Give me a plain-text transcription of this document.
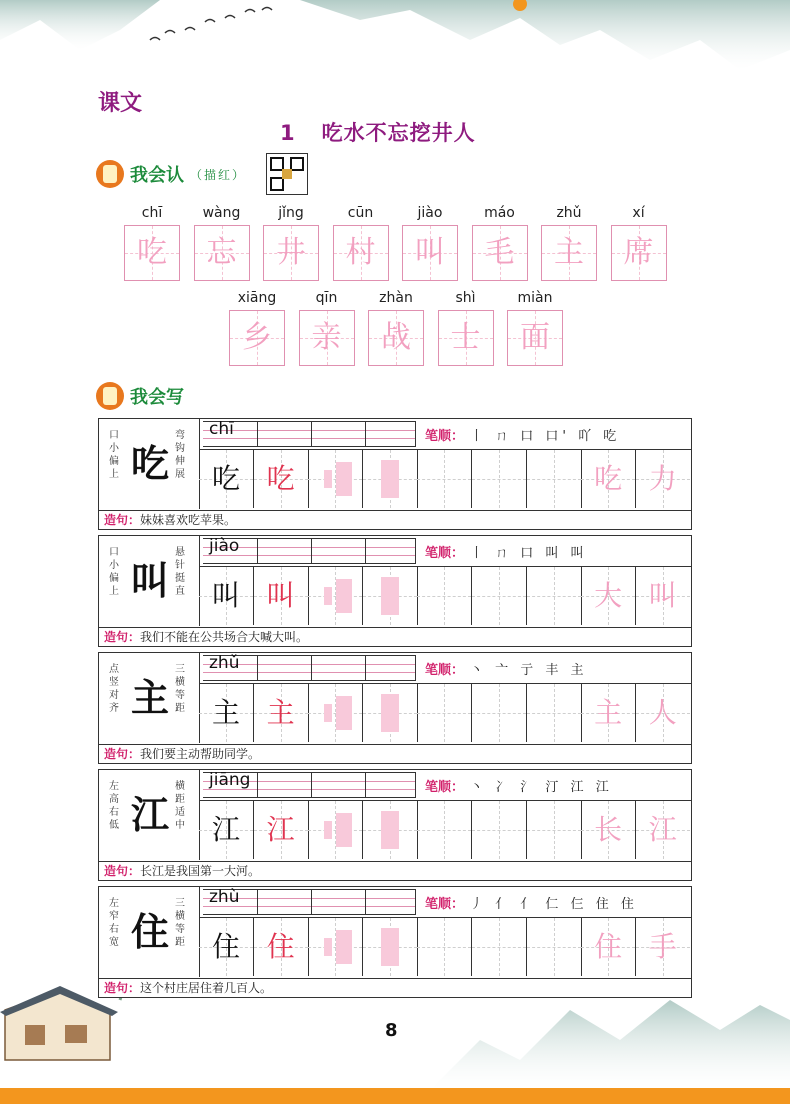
课文
1 吃水不忘挖井人
我会认 （描红）
chī
吃
wàng
忘
jǐng
井
cūn
村
jiào
叫
máo
毛
zhǔ
主
xí
席
xiāng
乡
qīn
亲
zhàn
战
shì
士
miàn
面
我会写
口小偏上 吃
弯钩伸展
chī	笔顺： 丨 ㄇ 口 口' 吖 吃
吃 吃	吃 力
造句：妹妹喜欢吃苹果。
口小偏上 叫
悬针挺直
jiào	笔顺： 丨 ㄇ 口 叫 叫
叫 叫	大 叫
造句：我们不能在公共场合大喊大叫。
点竖对齐 主
三横等距
zhǔ	笔顺： 丶 亠 亍 丰 主
主 主	主 人
造句：我们要主动帮助同学。
左高右低 江
横距适中
jiāng	笔顺： 丶 冫 氵 汀 江 江
江 江	长 江
造句：长江是我国第一大河。
左窄右宽 住
三横等距
zhù	笔顺： 丿 亻 亻 仁 仨 住 住
住 住	住 手
造句：这个村庄居住着几百人。
8
